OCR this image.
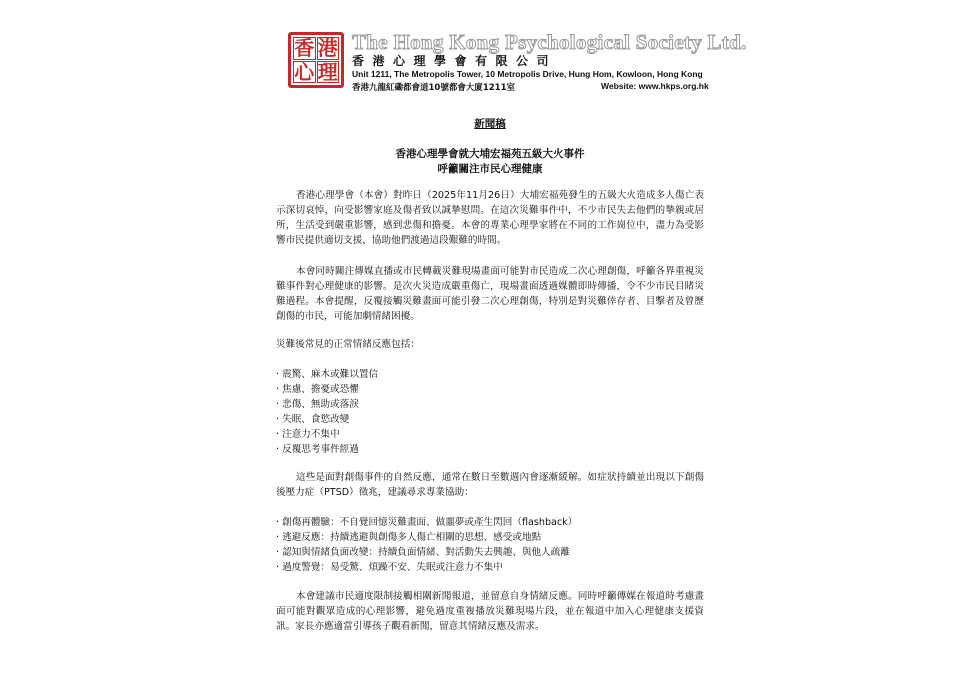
香 港
心 理
The Hong Kong Psychological Society Ltd.
香港心理學會有限公司
Unit 1211, The Metropolis Tower, 10 Metropolis Drive, Hung Hom, Kowloon, Hong Kong
香港九龍紅磡都會道10號都會大廈1211室	Website: www.hkps.org.hk
新聞稿
香港心理學會就大埔宏福苑五級大火事件
呼籲關注市民心理健康

香港心理學會（本會）對昨日（2025年11月26日）大埔宏福苑發生的五級大火造成多人傷亡表示深切哀悼，向受影響家庭及傷者致以誠摯慰問。在這次災難事件中，不少市民失去他們的摯親或居所，生活受到嚴重影響，感到悲傷和擔憂。本會的專業心理學家將在不同的工作崗位中，盡力為受影響市民提供適切支援，協助他們渡過這段艱難的時間。

本會同時關注傳媒直播或市民轉載災難現場畫面可能對市民造成二次心理創傷，呼籲各界重視災難事件對心理健康的影響。是次火災造成嚴重傷亡，現場畫面透過媒體即時傳播，令不少市民目睹災難過程。本會提醒，反覆接觸災難畫面可能引發二次心理創傷，特別是對災難倖存者、目擊者及曾歷創傷的市民，可能加劇情緒困擾。

災難後常見的正常情緒反應包括：

· 震驚、麻木或難以置信
· 焦慮、擔憂或恐懼
· 悲傷、無助或落淚
· 失眠、食慾改變
· 注意力不集中
· 反覆思考事件經過

這些是面對創傷事件的自然反應，通常在數日至數週內會逐漸緩解。如症狀持續並出現以下創傷後壓力症（PTSD）徵兆，建議尋求專業協助：

· 創傷再體驗：不自覺回憶災難畫面、做噩夢或產生閃回（flashback）
· 逃避反應：持續逃避與創傷多人傷亡相關的思想、感受或地點
· 認知與情緒負面改變：持續負面情緒、對活動失去興趣、與他人疏離
· 過度警覺：易受驚、煩躁不安、失眠或注意力不集中

本會建議市民適度限制接觸相關新聞報道，並留意自身情緒反應。同時呼籲傳媒在報道時考慮畫面可能對觀眾造成的心理影響，避免過度重複播放災難現場片段，並在報道中加入心理健康支援資訊。家長亦應適當引導孩子觀看新聞，留意其情緒反應及需求。
